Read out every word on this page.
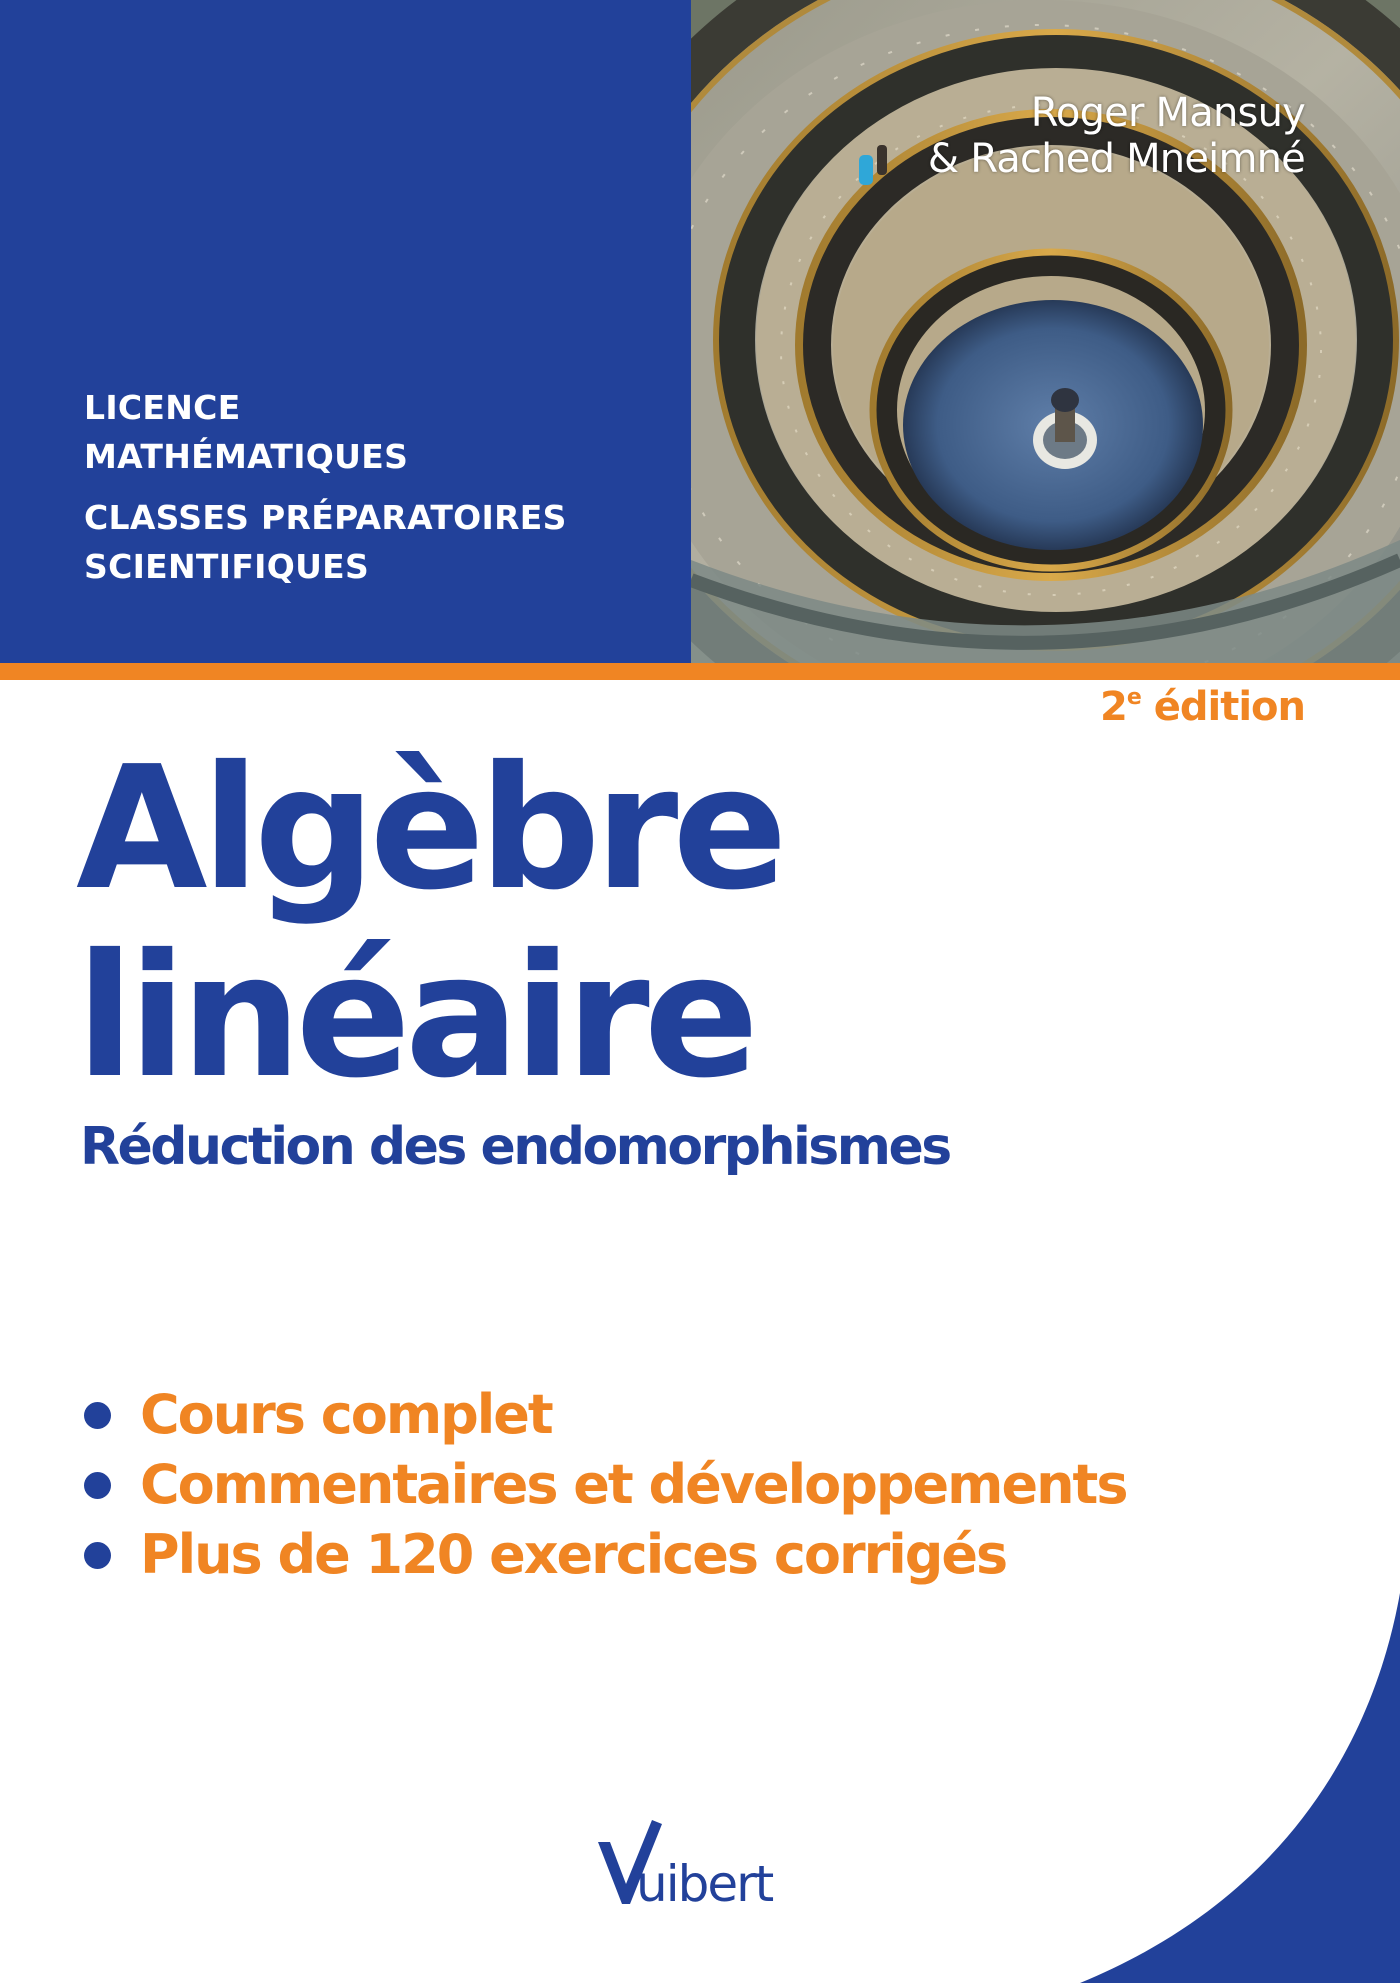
LICENCE
MATHÉMATIQUES
CLASSES PRÉPARATOIRES
SCIENTIFIQUES
Roger Mansuy
& Rached Mneimné
2e édition
Algèbre
linéaire
Réduction des endomorphismes
Cours complet
Commentaires et développements
Plus de 120 exercices corrigés
uibert
